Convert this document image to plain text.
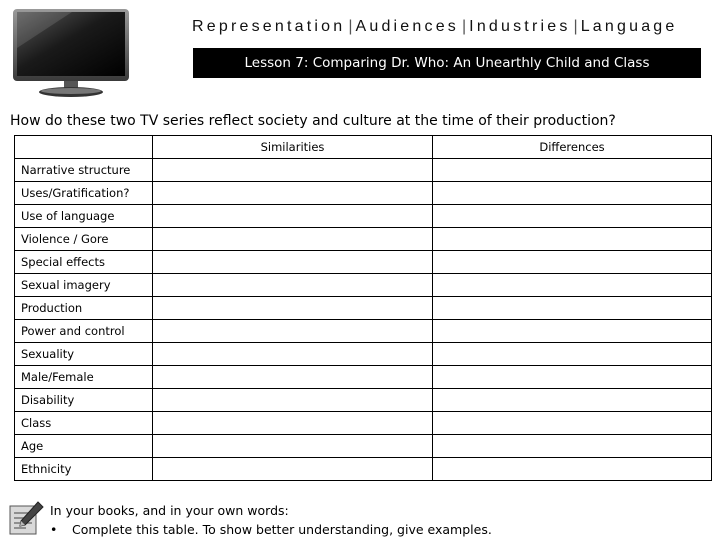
Representation | Audiences | Industries | Language
Lesson 7: Comparing Dr. Who: An Unearthly Child and Class
How do these two TV series reflect society and culture at the time of their production?
	Similarities	Differences
Narrative structure		
Uses/Gratification?		
Use of language		
Violence / Gore		
Special effects		
Sexual imagery		
Production		
Power and control		
Sexuality		
Male/Female		
Disability		
Class		
Age		
Ethnicity		
In your books, and in your own words:
• Complete this table. To show better understanding, give examples.
